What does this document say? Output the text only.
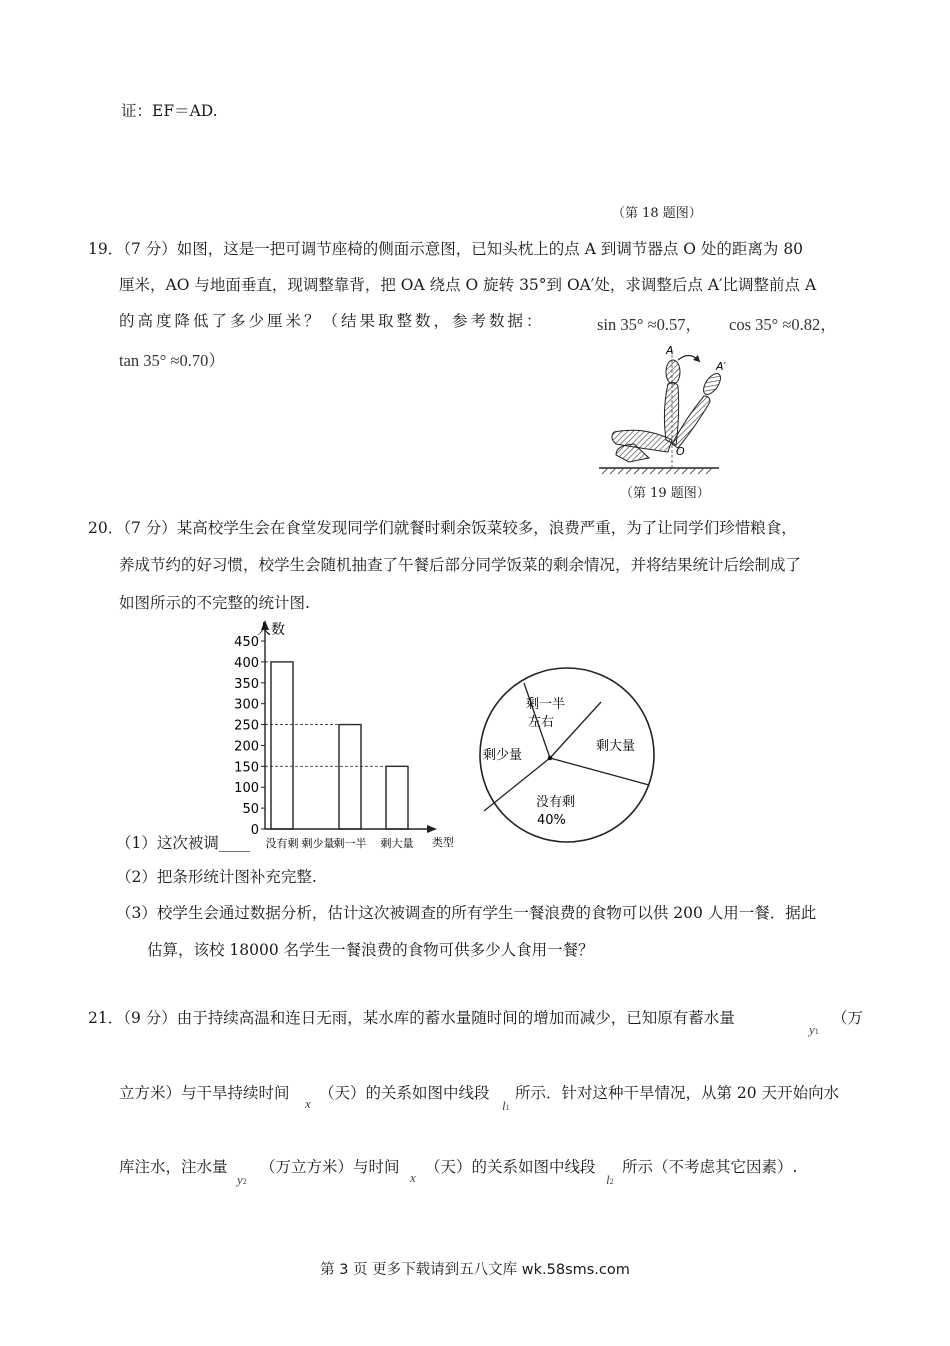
证：EF＝AD.
（第 18 题图）
19．（7 分）如图，这是一把可调节座椅的侧面示意图，已知头枕上的点 A 到调节器点 O 处的距离为 80
厘米，AO 与地面垂直，现调整靠背，把 OA 绕点 O 旋转 35°到 OA′处，求调整后点 A′比调整前点 A
的高度降低了多少厘米？（结果取整数，参考数据：	sin 35° ≈0.57， cos 35° ≈0.82，
tan 35° ≈0.70）
A
A′
O
（第 19 题图）
20．（7 分）某高校学生会在食堂发现同学们就餐时剩余饭菜较多，浪费严重，为了让同学们珍惜粮食，
养成节约的好习惯，校学生会随机抽查了午餐后部分同学饭菜的剩余情况，并将结果统计后绘制成了
如图所示的不完整的统计图.
0
50
100
150
200
250
300
350
400
450
没有剩 剩少量 剩一半 剩大量
人数
类型
剩一半
左右
剩大量
剩少量
没有剩
40%
（1）这次被调____
（2）把条形统计图补充完整.
（3）校学生会通过数据分析，估计这次被调查的所有学生一餐浪费的食物可以供 200 人用一餐．据此
估算，该校 18000 名学生一餐浪费的食物可供多少人食用一餐？
21．（9 分）由于持续高温和连日无雨，某水库的蓄水量随时间的增加而减少，已知原有蓄水量
y1
（万
立方米）与干旱持续时间
x
（天）的关系如图中线段
l1
所示．针对这种干旱情况，从第 20 天开始向水
库注水，注水量
y2
（万立方米）与时间
x
（天）的关系如图中线段
l2
所示（不考虑其它因素）.
第 3 页 更多下载请到五八文库 wk.58sms.com
